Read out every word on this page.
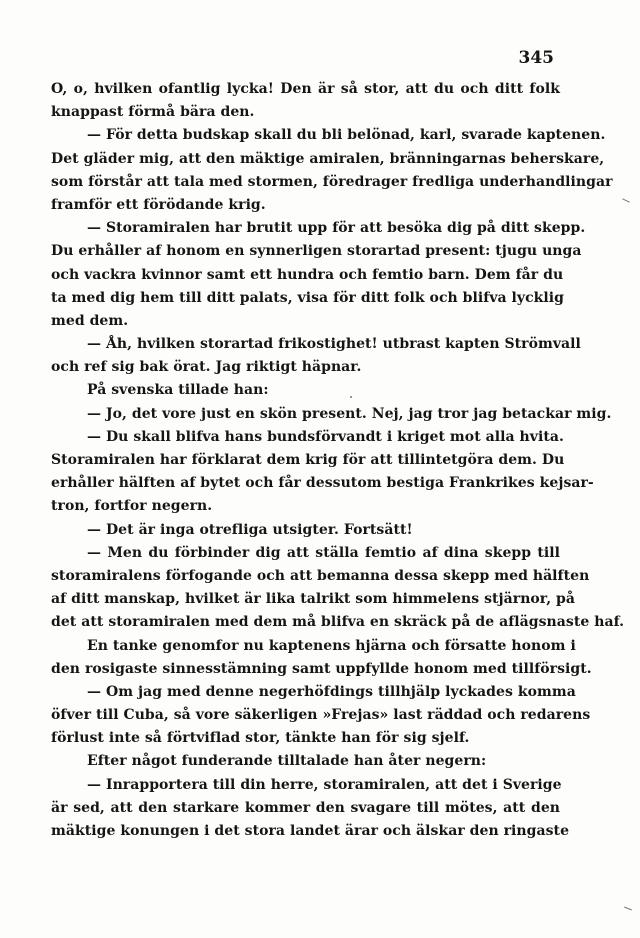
345
O, o, hvilken ofantlig lycka! Den är så stor, att du och ditt folk
knappast förmå bära den.
— För detta budskap skall du bli belönad, karl, svarade kaptenen.
Det gläder mig, att den mäktige amiralen, bränningarnas beherskare,
som förstår att tala med stormen, föredrager fredliga underhandlingar
framför ett förödande krig.
— Storamiralen har brutit upp för att besöka dig på ditt skepp.
Du erhåller af honom en synnerligen storartad present: tjugu unga
och vackra kvinnor samt ett hundra och femtio barn. Dem får du
ta med dig hem till ditt palats, visa för ditt folk och blifva lycklig
med dem.
— Åh, hvilken storartad frikostighet! utbrast kapten Strömvall
och ref sig bak örat. Jag riktigt häpnar.
På svenska tillade han:
— Jo, det vore just en skön present. Nej, jag tror jag betackar mig.
— Du skall blifva hans bundsförvandt i kriget mot alla hvita.
Storamiralen har förklarat dem krig för att tillintetgöra dem. Du
erhåller hälften af bytet och får dessutom bestiga Frankrikes kejsar-
tron, fortfor negern.
— Det är inga otrefliga utsigter. Fortsätt!
— Men du förbinder dig att ställa femtio af dina skepp till
storamiralens förfogande och att bemanna dessa skepp med hälften
af ditt manskap, hvilket är lika talrikt som himmelens stjärnor, på
det att storamiralen med dem må blifva en skräck på de aflägsnaste haf.
En tanke genomfor nu kaptenens hjärna och försatte honom i
den rosigaste sinnesstämning samt uppfyllde honom med tillförsigt.
— Om jag med denne negerhöfdings tillhjälp lyckades komma
öfver till Cuba, så vore säkerligen »Frejas» last räddad och redarens
förlust inte så förtviflad stor, tänkte han för sig sjelf.
Efter något funderande tilltalade han åter negern:
— Inrapportera till din herre, storamiralen, att det i Sverige
är sed, att den starkare kommer den svagare till mötes, att den
mäktige konungen i det stora landet ärar och älskar den ringaste
